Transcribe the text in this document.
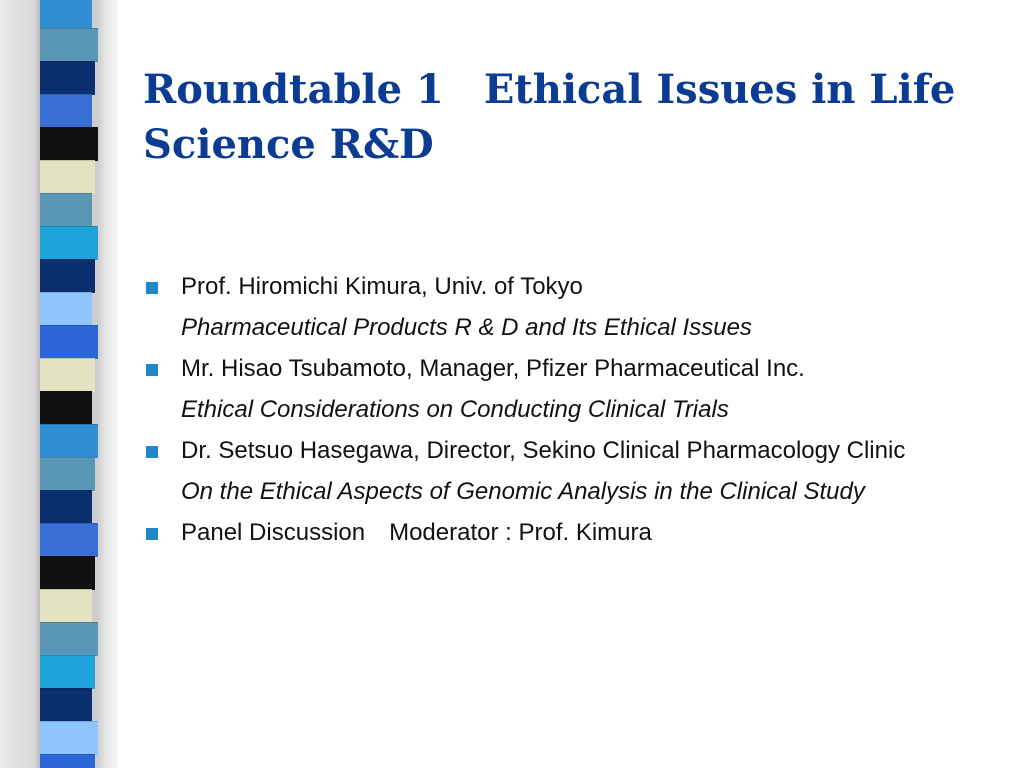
Roundtable 1　Ethical Issues in Life Science R&D
Prof. Hiromichi Kimura, Univ. of Tokyo
Pharmaceutical Products R & D and Its Ethical Issues
Mr. Hisao Tsubamoto, Manager, Pfizer Pharmaceutical Inc.
Ethical Considerations on Conducting Clinical Trials
Dr. Setsuo Hasegawa, Director, Sekino Clinical Pharmacology Clinic
On the Ethical Aspects of Genomic Analysis in the Clinical Study
Panel Discussion　Moderator : Prof. Kimura
